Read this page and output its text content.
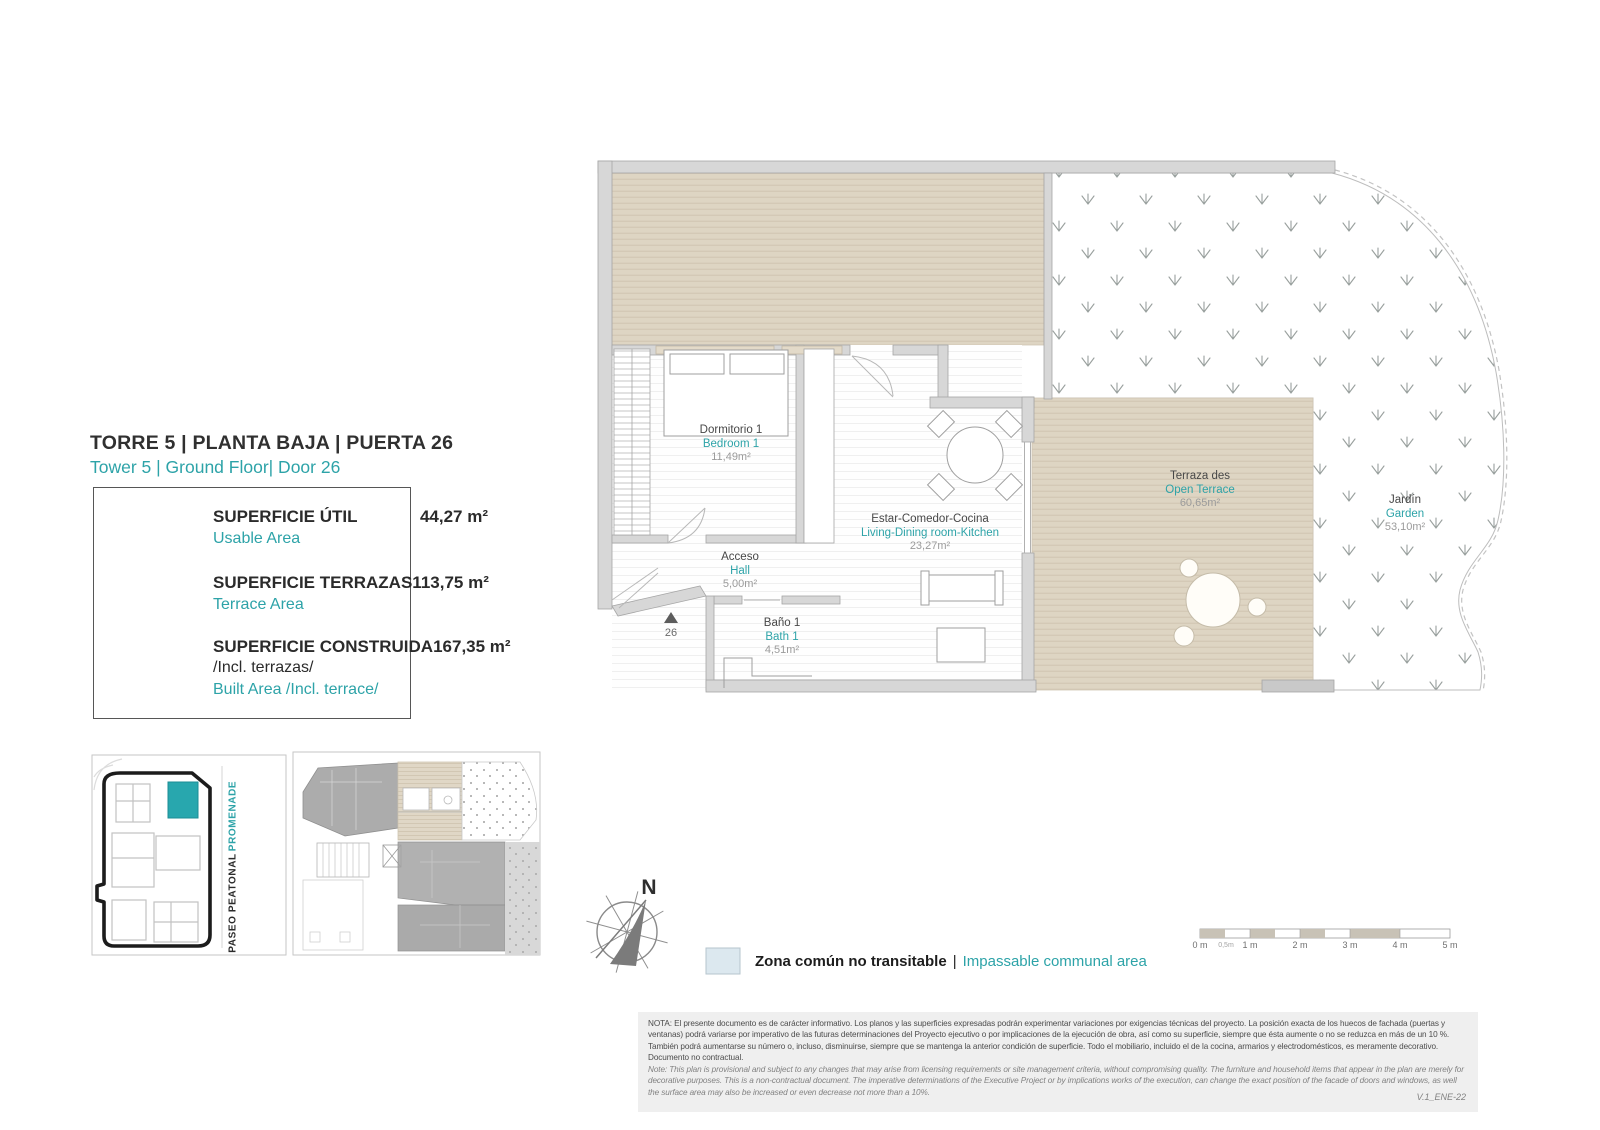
TORRE 5 | PLANTA BAJA | PUERTA 26
Tower 5 | Ground Floor| Door 26
SUPERFICIE ÚTIL	44,27 m²
Usable Area
SUPERFICIE TERRAZAS 113,75 m²
Terrace Area
SUPERFICIE CONSTRUIDA 167,35 m²
/Incl. terrazas/
Built Area /Incl. terrace/
Dormitorio 1
Bedroom 1
11,49m²
Estar-Comedor-Cocina
Living-Dining room-Kitchen
23,27m²
Acceso
Hall
5,00m²
Baño 1
Bath 1
4,51m²
Terraza des
Open Terrace
60,65m²	Jardín
Garden
53,10m²
26
N
PROMENADE
PASEO PEATONAL
Zona común no transitable | Impassable communal area
0 m 0,5m 1 m	2 m	3 m	4 m	5 m
NOTA: El presente documento es de carácter informativo. Los planos y las superficies expresadas podrán experimentar variaciones por exigencias técnicas del proyecto. La posición exacta de los huecos de fachada (puertas y ventanas) podrá variarse por imperativo de las futuras determinaciones del Proyecto ejecutivo o por implicaciones de la ejecución de obra, así como su superficie, siempre que ésta aumente o no se reduzca en más de un 10 %. También podrá aumentarse su número o, incluso, disminuirse, siempre que se mantenga la anterior condición de superficie. Todo el mobiliario, incluido el de la cocina, armarios y electrodomésticos, es meramente decorativo. Documento no contractual.
Note: This plan is provisional and subject to any changes that may arise from licensing requirements or site management criteria, without compromising quality. The furniture and household items that appear in the plan are merely for decorative purposes. This is a non-contractual document. The imperative determinations of the Executive Project or by implications works of the execution, can change the exact position of the facade of doors and windows, as well the surface area may also be increased or even decrease not more than a 10%.	V.1_ENE-22
